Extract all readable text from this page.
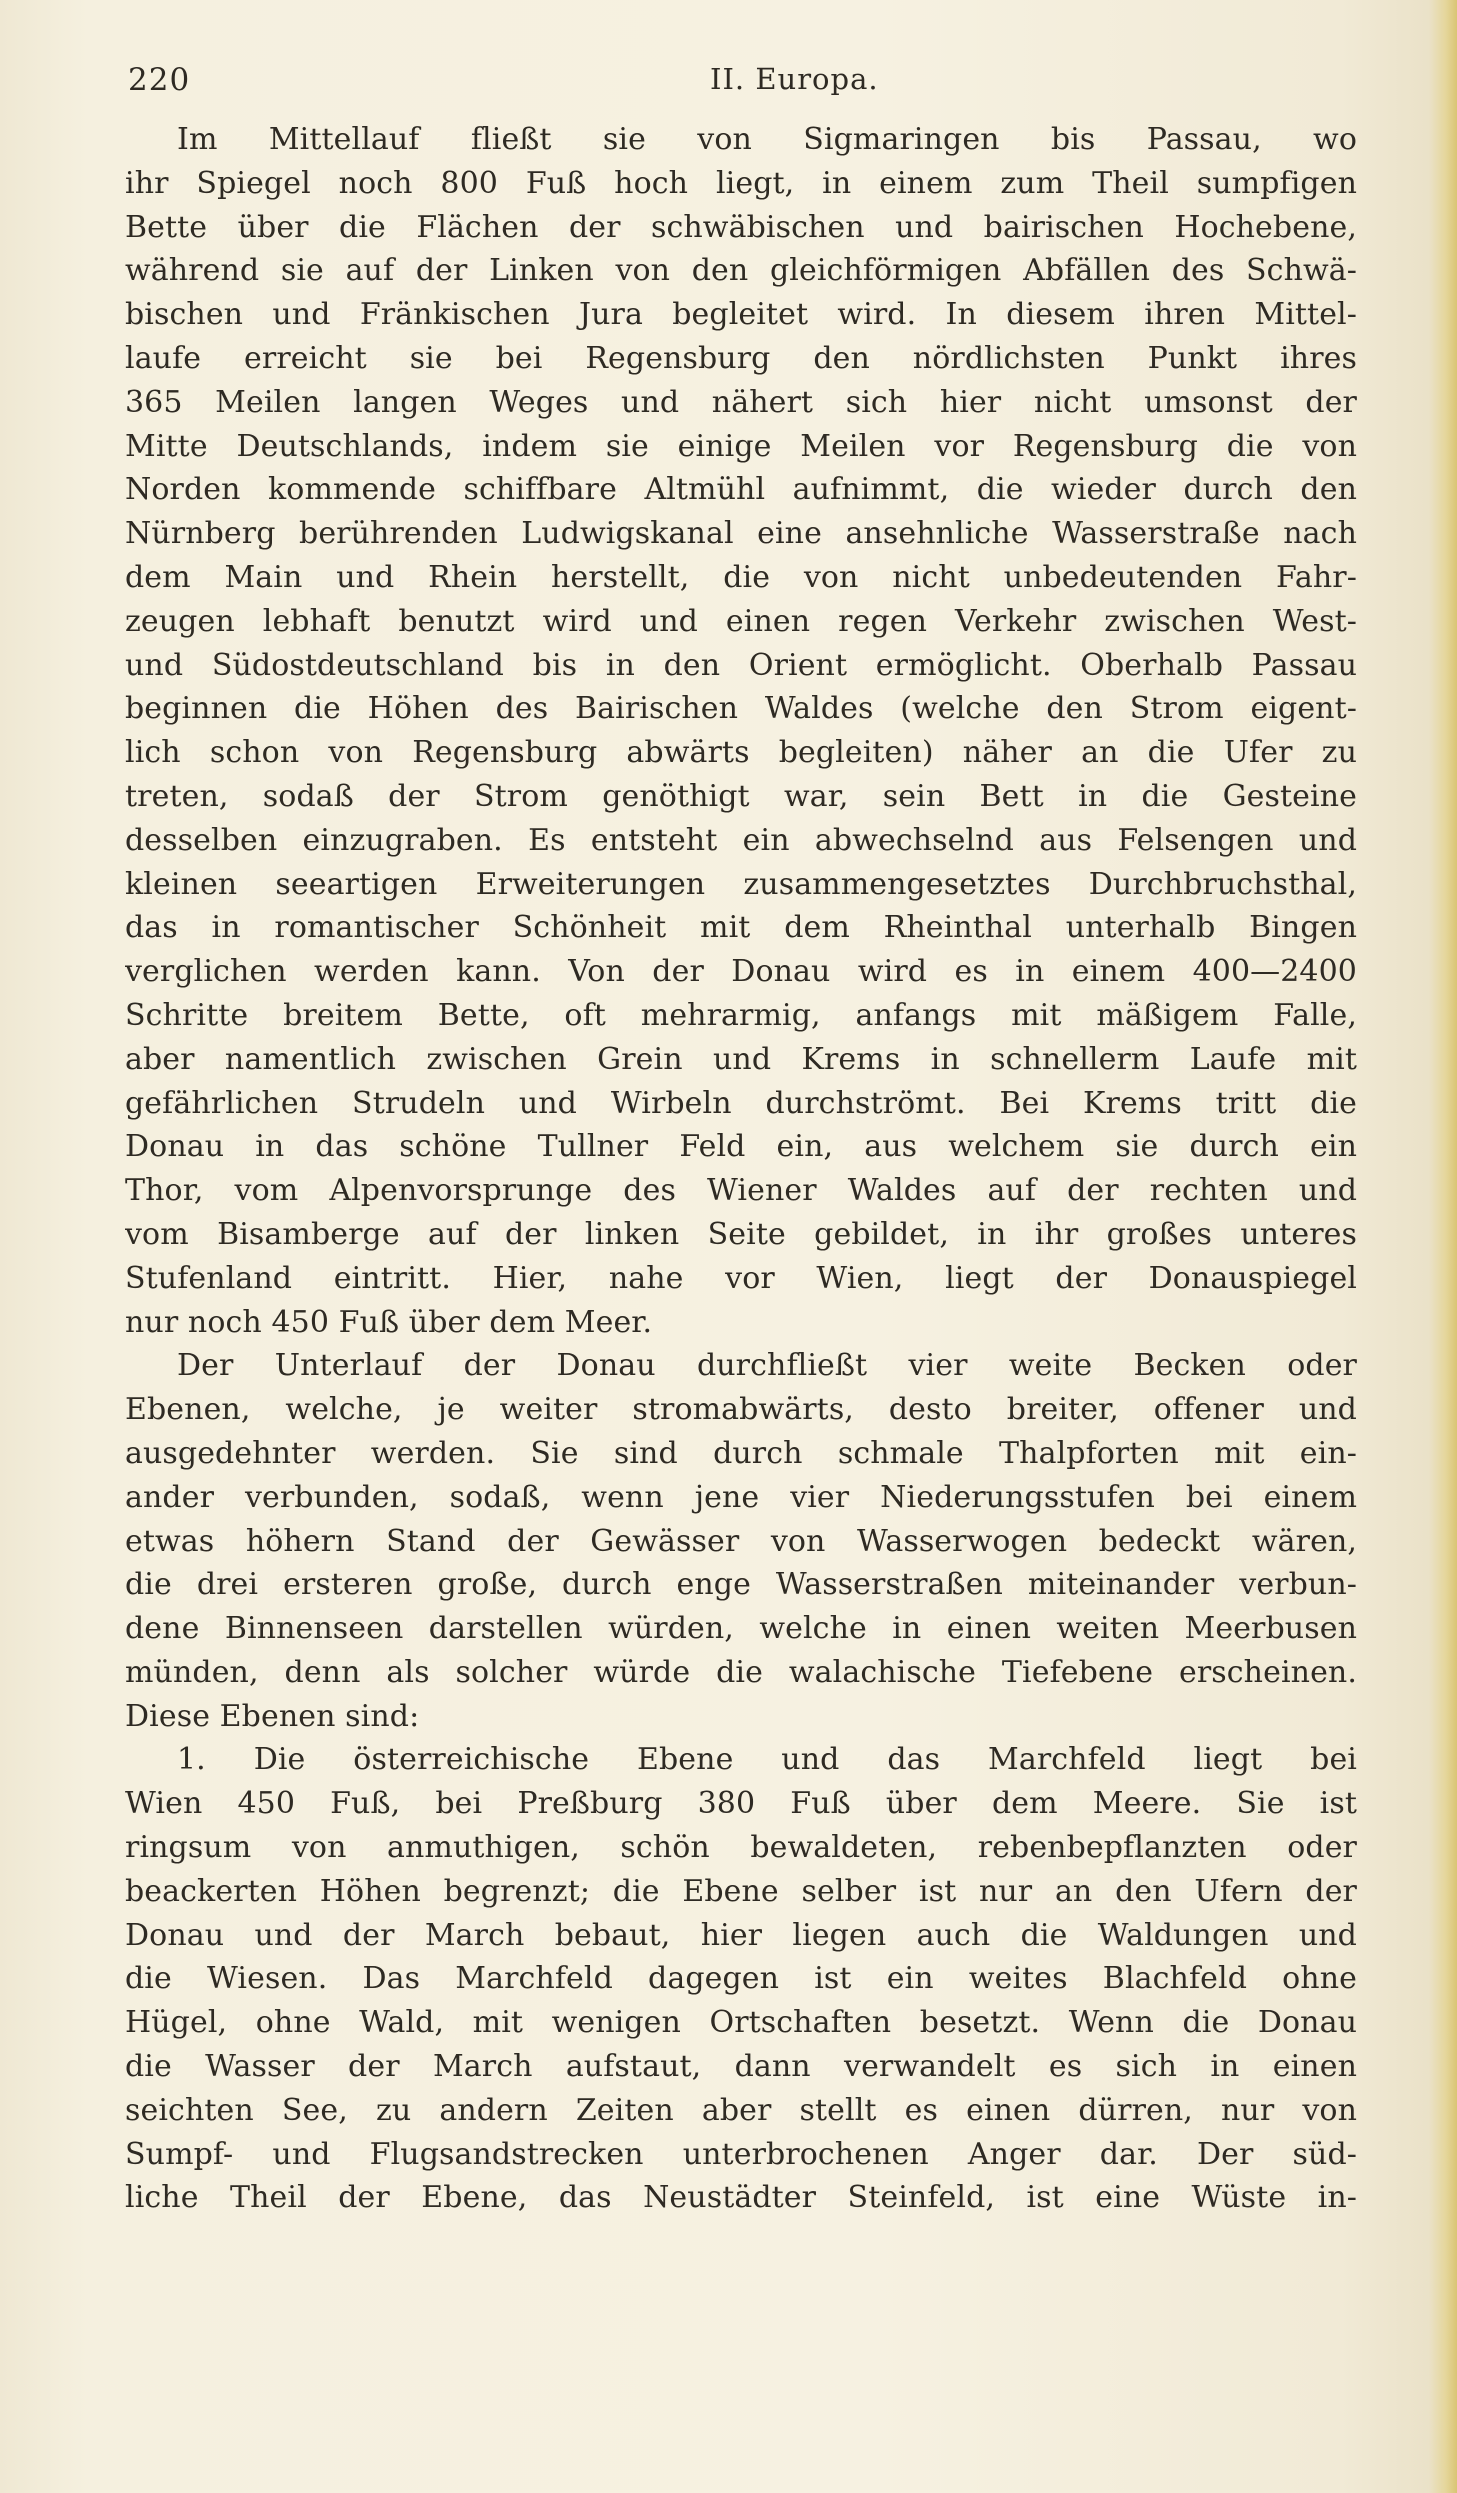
220	II. Europa.
Im Mittellauf fließt sie von Sigmaringen bis Passau, wo
ihr Spiegel noch 800 Fuß hoch liegt, in einem zum Theil sumpfigen
Bette über die Flächen der schwäbischen und bairischen Hochebene,
während sie auf der Linken von den gleichförmigen Abfällen des Schwä-
bischen und Fränkischen Jura begleitet wird. In diesem ihren Mittel-
laufe erreicht sie bei Regensburg den nördlichsten Punkt ihres
365 Meilen langen Weges und nähert sich hier nicht umsonst der
Mitte Deutschlands, indem sie einige Meilen vor Regensburg die von
Norden kommende schiffbare Altmühl aufnimmt, die wieder durch den
Nürnberg berührenden Ludwigskanal eine ansehnliche Wasserstraße nach
dem Main und Rhein herstellt, die von nicht unbedeutenden Fahr-
zeugen lebhaft benutzt wird und einen regen Verkehr zwischen West-
und Südostdeutschland bis in den Orient ermöglicht. Oberhalb Passau
beginnen die Höhen des Bairischen Waldes (welche den Strom eigent-
lich schon von Regensburg abwärts begleiten) näher an die Ufer zu
treten, sodaß der Strom genöthigt war, sein Bett in die Gesteine
desselben einzugraben. Es entsteht ein abwechselnd aus Felsengen und
kleinen seeartigen Erweiterungen zusammengesetztes Durchbruchsthal,
das in romantischer Schönheit mit dem Rheinthal unterhalb Bingen
verglichen werden kann. Von der Donau wird es in einem 400—2400
Schritte breitem Bette, oft mehrarmig, anfangs mit mäßigem Falle,
aber namentlich zwischen Grein und Krems in schnellerm Laufe mit
gefährlichen Strudeln und Wirbeln durchströmt. Bei Krems tritt die
Donau in das schöne Tullner Feld ein, aus welchem sie durch ein
Thor, vom Alpenvorsprunge des Wiener Waldes auf der rechten und
vom Bisamberge auf der linken Seite gebildet, in ihr großes unteres
Stufenland eintritt. Hier, nahe vor Wien, liegt der Donauspiegel
nur noch 450 Fuß über dem Meer.
Der Unterlauf der Donau durchfließt vier weite Becken oder
Ebenen, welche, je weiter stromabwärts, desto breiter, offener und
ausgedehnter werden. Sie sind durch schmale Thalpforten mit ein-
ander verbunden, sodaß, wenn jene vier Niederungsstufen bei einem
etwas höhern Stand der Gewässer von Wasserwogen bedeckt wären,
die drei ersteren große, durch enge Wasserstraßen miteinander verbun-
dene Binnenseen darstellen würden, welche in einen weiten Meerbusen
münden, denn als solcher würde die walachische Tiefebene erscheinen.
Diese Ebenen sind:
1. Die österreichische Ebene und das Marchfeld liegt bei
Wien 450 Fuß, bei Preßburg 380 Fuß über dem Meere. Sie ist
ringsum von anmuthigen, schön bewaldeten, rebenbepflanzten oder
beackerten Höhen begrenzt; die Ebene selber ist nur an den Ufern der
Donau und der March bebaut, hier liegen auch die Waldungen und
die Wiesen. Das Marchfeld dagegen ist ein weites Blachfeld ohne
Hügel, ohne Wald, mit wenigen Ortschaften besetzt. Wenn die Donau
die Wasser der March aufstaut, dann verwandelt es sich in einen
seichten See, zu andern Zeiten aber stellt es einen dürren, nur von
Sumpf- und Flugsandstrecken unterbrochenen Anger dar. Der süd-
liche Theil der Ebene, das Neustädter Steinfeld, ist eine Wüste in-
